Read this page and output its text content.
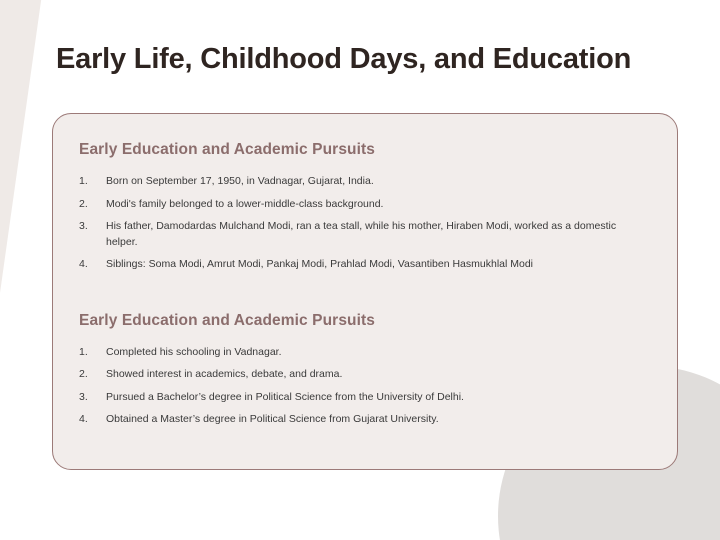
Early Life, Childhood Days, and Education
Early Education and Academic Pursuits
1.	Born on September 17, 1950, in Vadnagar, Gujarat, India.
2.	Modi's family belonged to a lower-middle-class background.
3.	His father, Damodardas Mulchand Modi, ran a tea stall, while his mother, Hiraben Modi, worked as a domestic helper.
4.	Siblings: Soma Modi, Amrut Modi, Pankaj Modi, Prahlad Modi, Vasantiben Hasmukhlal Modi
Early Education and Academic Pursuits
1.	Completed his schooling in Vadnagar.
2.	Showed interest in academics, debate, and drama.
3.	Pursued a Bachelor’s degree in Political Science from the University of Delhi.
4.	Obtained a Master’s degree in Political Science from Gujarat University.
